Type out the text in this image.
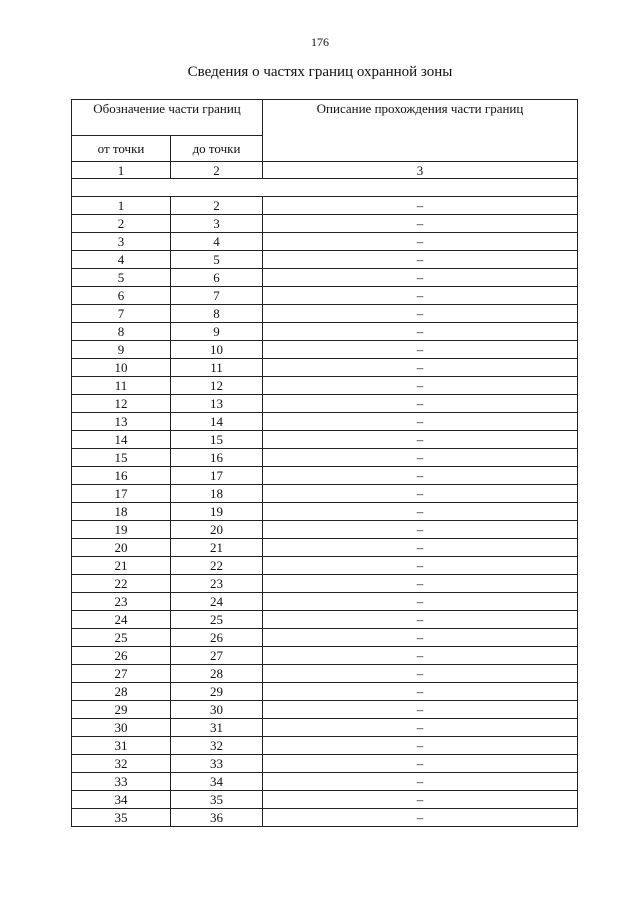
176
Сведения о частях границ охранной зоны
Обозначение части границ		Описание прохождения части границ
от точки	до точки	
1	2	3

1	2	–
2	3	–
3	4	–
4	5	–
5	6	–
6	7	–
7	8	–
8	9	–
9	10	–
10	11	–
11	12	–
12	13	–
13	14	–
14	15	–
15	16	–
16	17	–
17	18	–
18	19	–
19	20	–
20	21	–
21	22	–
22	23	–
23	24	–
24	25	–
25	26	–
26	27	–
27	28	–
28	29	–
29	30	–
30	31	–
31	32	–
32	33	–
33	34	–
34	35	–
35	36	–
